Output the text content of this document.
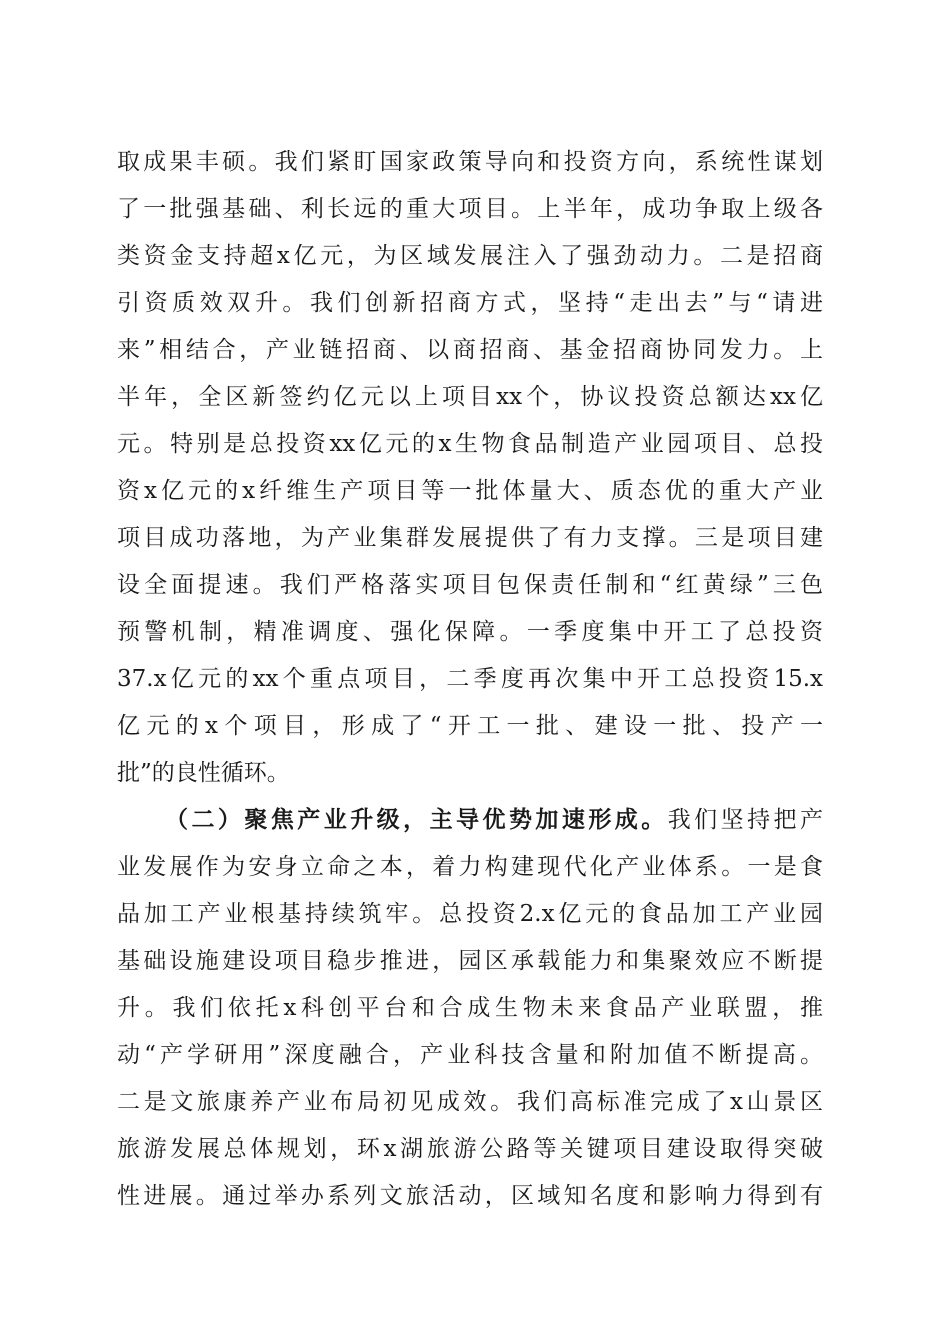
取成果丰硕。我们紧盯国家政策导向和投资方向，系统性谋划
了一批强基础、利长远的重大项目。上半年，成功争取上级各
类资金支持超x亿元，为区域发展注入了强劲动力。二是招商
引资质效双升。我们创新招商方式，坚持“走出去”与“请进
来”相结合，产业链招商、以商招商、基金招商协同发力。上
半年，全区新签约亿元以上项目xx个，协议投资总额达xx亿
元。特别是总投资xx亿元的x生物食品制造产业园项目、总投
资x亿元的x纤维生产项目等一批体量大、质态优的重大产业
项目成功落地，为产业集群发展提供了有力支撑。三是项目建
设全面提速。我们严格落实项目包保责任制和“红黄绿”三色
预警机制，精准调度、强化保障。一季度集中开工了总投资
37.x亿元的xx个重点项目，二季度再次集中开工总投资15.x
亿元的x个项目，形成了“开工一批、建设一批、投产一
批”的良性循环。
（二）聚焦产业升级，主导优势加速形成。我们坚持把产
业发展作为安身立命之本，着力构建现代化产业体系。一是食
品加工产业根基持续筑牢。总投资2.x亿元的食品加工产业园
基础设施建设项目稳步推进，园区承载能力和集聚效应不断提
升。我们依托x科创平台和合成生物未来食品产业联盟，推
动“产学研用”深度融合，产业科技含量和附加值不断提高。
二是文旅康养产业布局初见成效。我们高标准完成了x山景区
旅游发展总体规划，环x湖旅游公路等关键项目建设取得突破
性进展。通过举办系列文旅活动，区域知名度和影响力得到有
